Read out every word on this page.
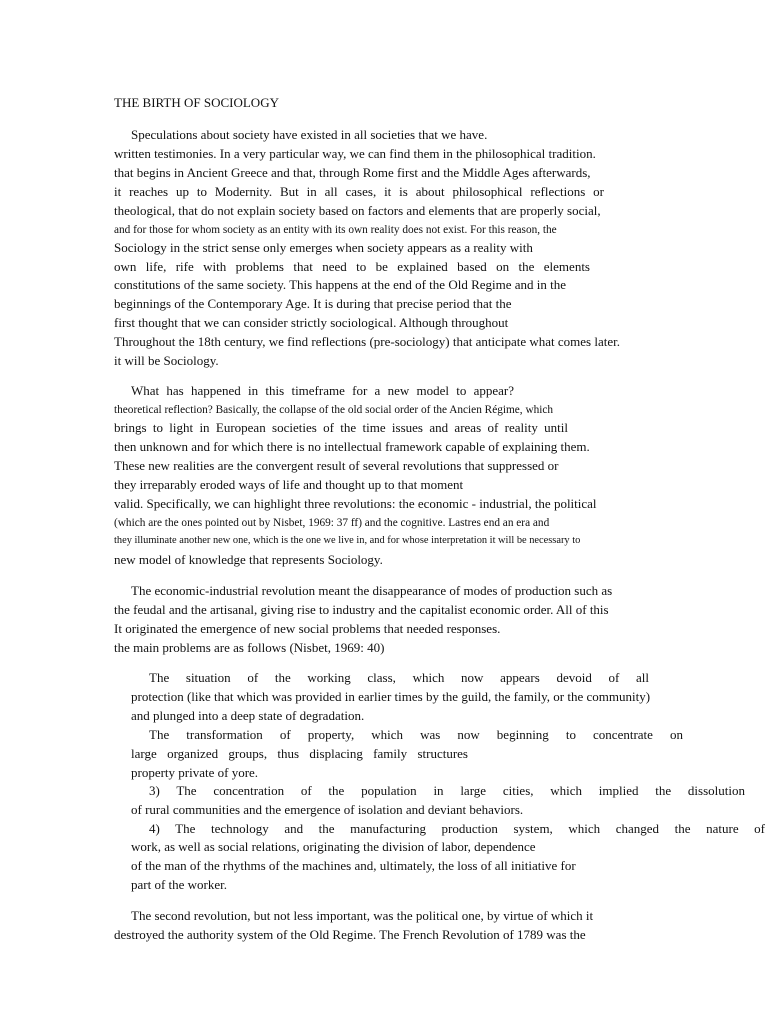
THE BIRTH OF SOCIOLOGY
Speculations about society have existed in all societies that we have.
written testimonies. In a very particular way, we can find them in the philosophical tradition.
that begins in Ancient Greece and that, through Rome first and the Middle Ages afterwards,
it reaches up to Modernity. But in all cases, it is about philosophical reflections or
theological, that do not explain society based on factors and elements that are properly social,
and for those for whom society as an entity with its own reality does not exist. For this reason, the
Sociology in the strict sense only emerges when society appears as a reality with
own life, rife with problems that need to be explained based on the elements
constitutions of the same society. This happens at the end of the Old Regime and in the
beginnings of the Contemporary Age. It is during that precise period that the
first thought that we can consider strictly sociological. Although throughout
Throughout the 18th century, we find reflections (pre-sociology) that anticipate what comes later.
it will be Sociology.
What has happened in this timeframe for a new model to appear?
theoretical reflection? Basically, the collapse of the old social order of the Ancien Régime, which
brings to light in European societies of the time issues and areas of reality until
then unknown and for which there is no intellectual framework capable of explaining them.
These new realities are the convergent result of several revolutions that suppressed or
they irreparably eroded ways of life and thought up to that moment
valid. Specifically, we can highlight three revolutions: the economic - industrial, the political
(which are the ones pointed out by Nisbet, 1969: 37 ff) and the cognitive. Lastres end an era and
they illuminate another new one, which is the one we live in, and for whose interpretation it will be necessary to
new model of knowledge that represents Sociology.
The economic-industrial revolution meant the disappearance of modes of production such as
the feudal and the artisanal, giving rise to industry and the capitalist economic order. All of this
It originated the emergence of new social problems that needed responses.
the main problems are as follows (Nisbet, 1969: 40)
The situation of the working class, which now appears devoid of all
protection (like that which was provided in earlier times by the guild, the family, or the community)
and plunged into a deep state of degradation.
The transformation of property, which was now beginning to concentrate on
large organized groups, thus displacing family structures
property private of yore.
3) The concentration of the population in large cities, which implied the dissolution
of rural communities and the emergence of isolation and deviant behaviors.
4) The technology and the manufacturing production system, which changed the nature of
work, as well as social relations, originating the division of labor, dependence
of the man of the rhythms of the machines and, ultimately, the loss of all initiative for
part of the worker.
The second revolution, but not less important, was the political one, by virtue of which it
destroyed the authority system of the Old Regime. The French Revolution of 1789 was the
